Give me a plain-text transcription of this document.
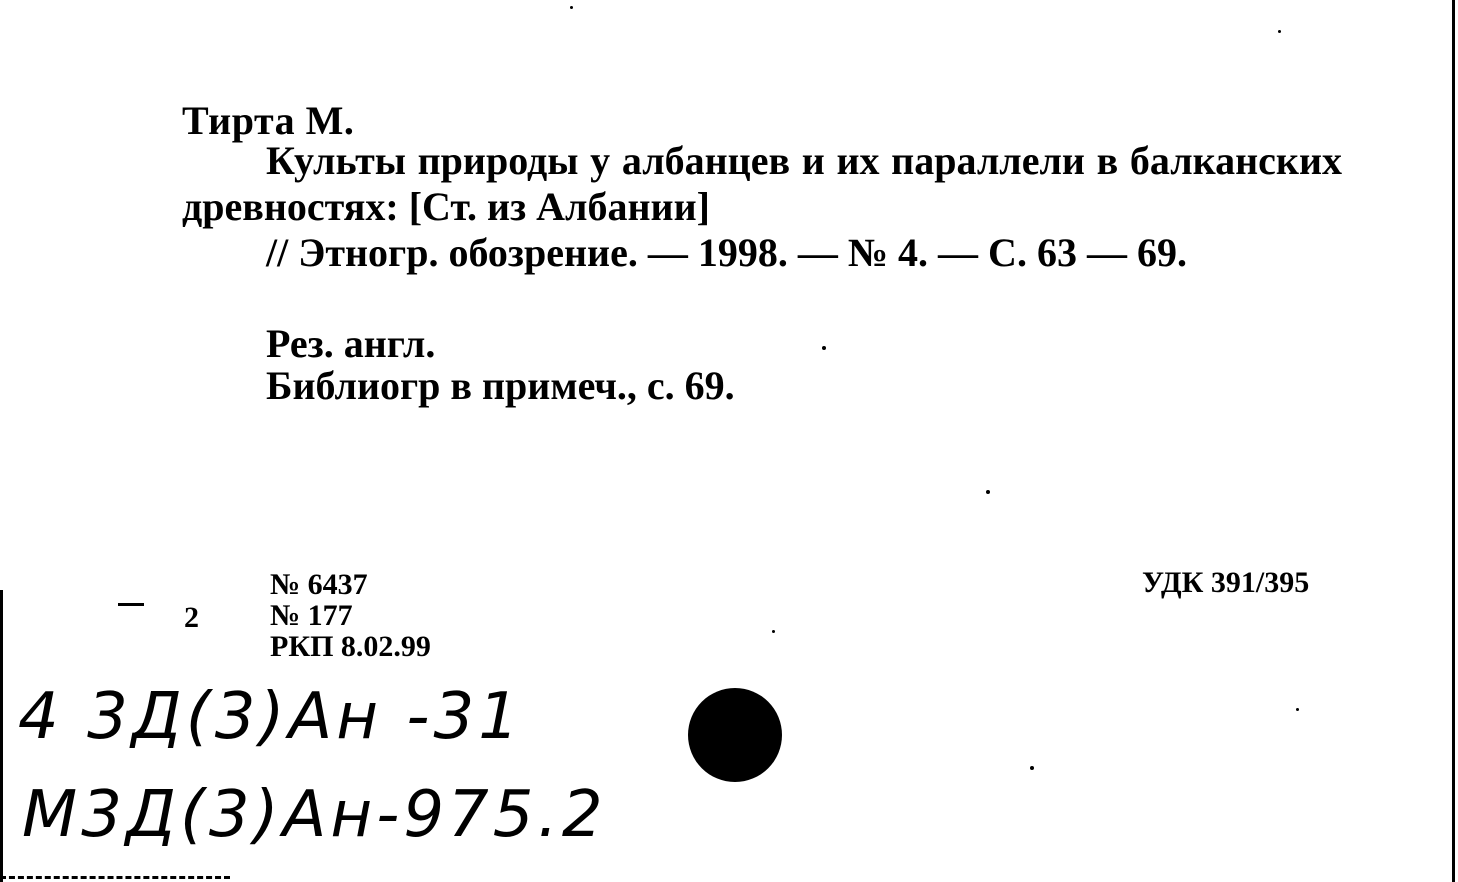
Тирта М.
Культы природы у албанцев и их параллели в балканских древностях: [Ст. из Албании]
// Этногр. обозрение. — 1998. — № 4. — С. 63 — 69.
Рез. англ.
Библиогр в примеч., с. 69.
2
№ 6437
№ 177
РКП 8.02.99
УДК 391/395
4 3Д(3)Ан -31
М3Д(3)Ан-975.2
